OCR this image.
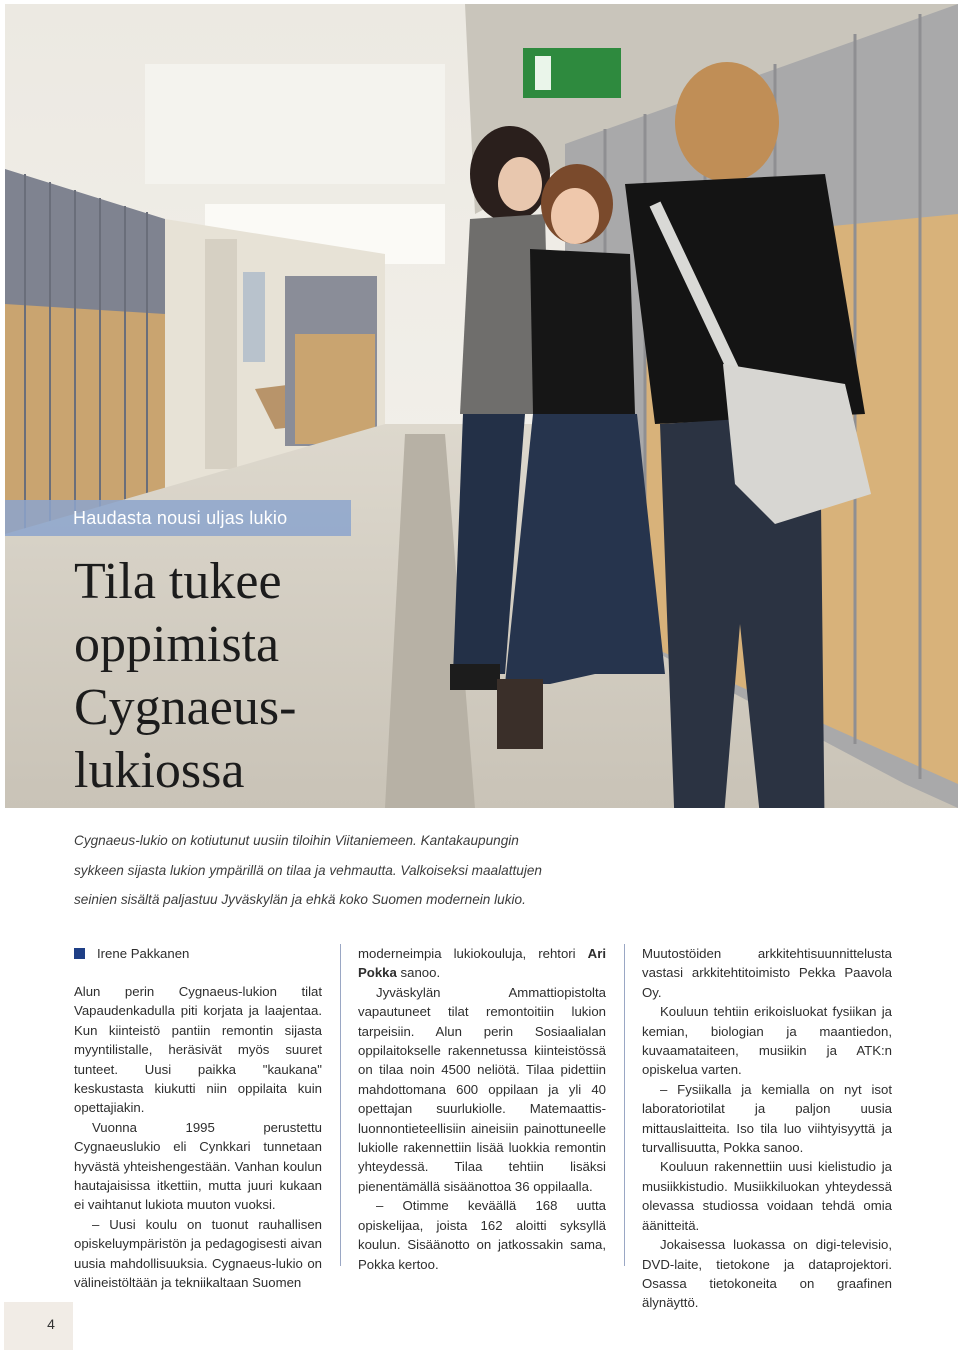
Haudasta nousi uljas lukio
Tila tukee
oppimista
Cygnaeus-
lukiossa
Cygnaeus-lukio on kotiutunut uusiin tiloihin Viitaniemeen. Kantakaupungin
sykkeen sijasta lukion ympärillä on tilaa ja vehmautta. Valkoiseksi maalattujen
seinien sisältä paljastuu Jyväskylän ja ehkä koko Suomen modernein lukio.
Irene Pakkanen

Alun perin Cygnaeus-lukion tilat Vapaudenkadulla piti korjata ja laajentaa. Kun kiinteistö pantiin remontin sijasta myyntilistalle, heräsivät myös suuret tunteet. Uusi paikka "kaukana" keskustasta kiukutti niin oppilaita kuin opettajiakin.

Vuonna 1995 perustettu Cygnaeuslukio eli Cynkkari tunnetaan hyvästä yhteishengestään. Vanhan koulun hautajaisissa itkettiin, mutta juuri kukaan ei vaihtanut lukiota muuton vuoksi.

– Uusi koulu on tuonut rauhallisen opiskeluympäristön ja pedagogisesti aivan uusia mahdollisuuksia. Cygnaeus-lukio on välineistöltään ja tekniikaltaan Suomen

moderneimpia lukiokouluja, rehtori Ari Pokka sanoo.

Jyväskylän Ammattiopistolta vapautuneet tilat remontoitiin lukion tarpeisiin. Alun perin Sosiaalialan oppilaitokselle rakennetussa kiinteistössä on tilaa noin 4500 neliötä. Tilaa pidettiin mahdottomana 600 oppilaan ja yli 40 opettajan suurlukiolle. Matemaattis-luonnontieteellisiin aineisiin painottuneelle lukiolle rakennettiin lisää luokkia remontin yhteydessä. Tilaa tehtiin lisäksi pienentämällä sisäänottoa 36 oppilaalla.

– Otimme keväällä 168 uutta opiskelijaa, joista 162 aloitti syksyllä koulun. Sisäänotto on jatkossakin sama, Pokka kertoo.

Muutostöiden arkkitehtisuunnittelusta vastasi arkkitehtitoimisto Pekka Paavola Oy.

Kouluun tehtiin erikoisluokat fysiikan ja kemian, biologian ja maantiedon, kuvaamataiteen, musiikin ja ATK:n opiskelua varten.

– Fysiikalla ja kemialla on nyt isot laboratoriotilat ja paljon uusia mittauslaitteita. Iso tila luo viihtyisyyttä ja turvallisuutta, Pokka sanoo.

Kouluun rakennettiin uusi kielistudio ja musiikkistudio. Musiikkiluokan yhteydessä olevassa studiossa voidaan tehdä omia äänitteitä.

Jokaisessa luokassa on digi-televisio, DVD-laite, tietokone ja dataprojektori. Osassa tietokoneita on graafinen älynäyttö.

4
